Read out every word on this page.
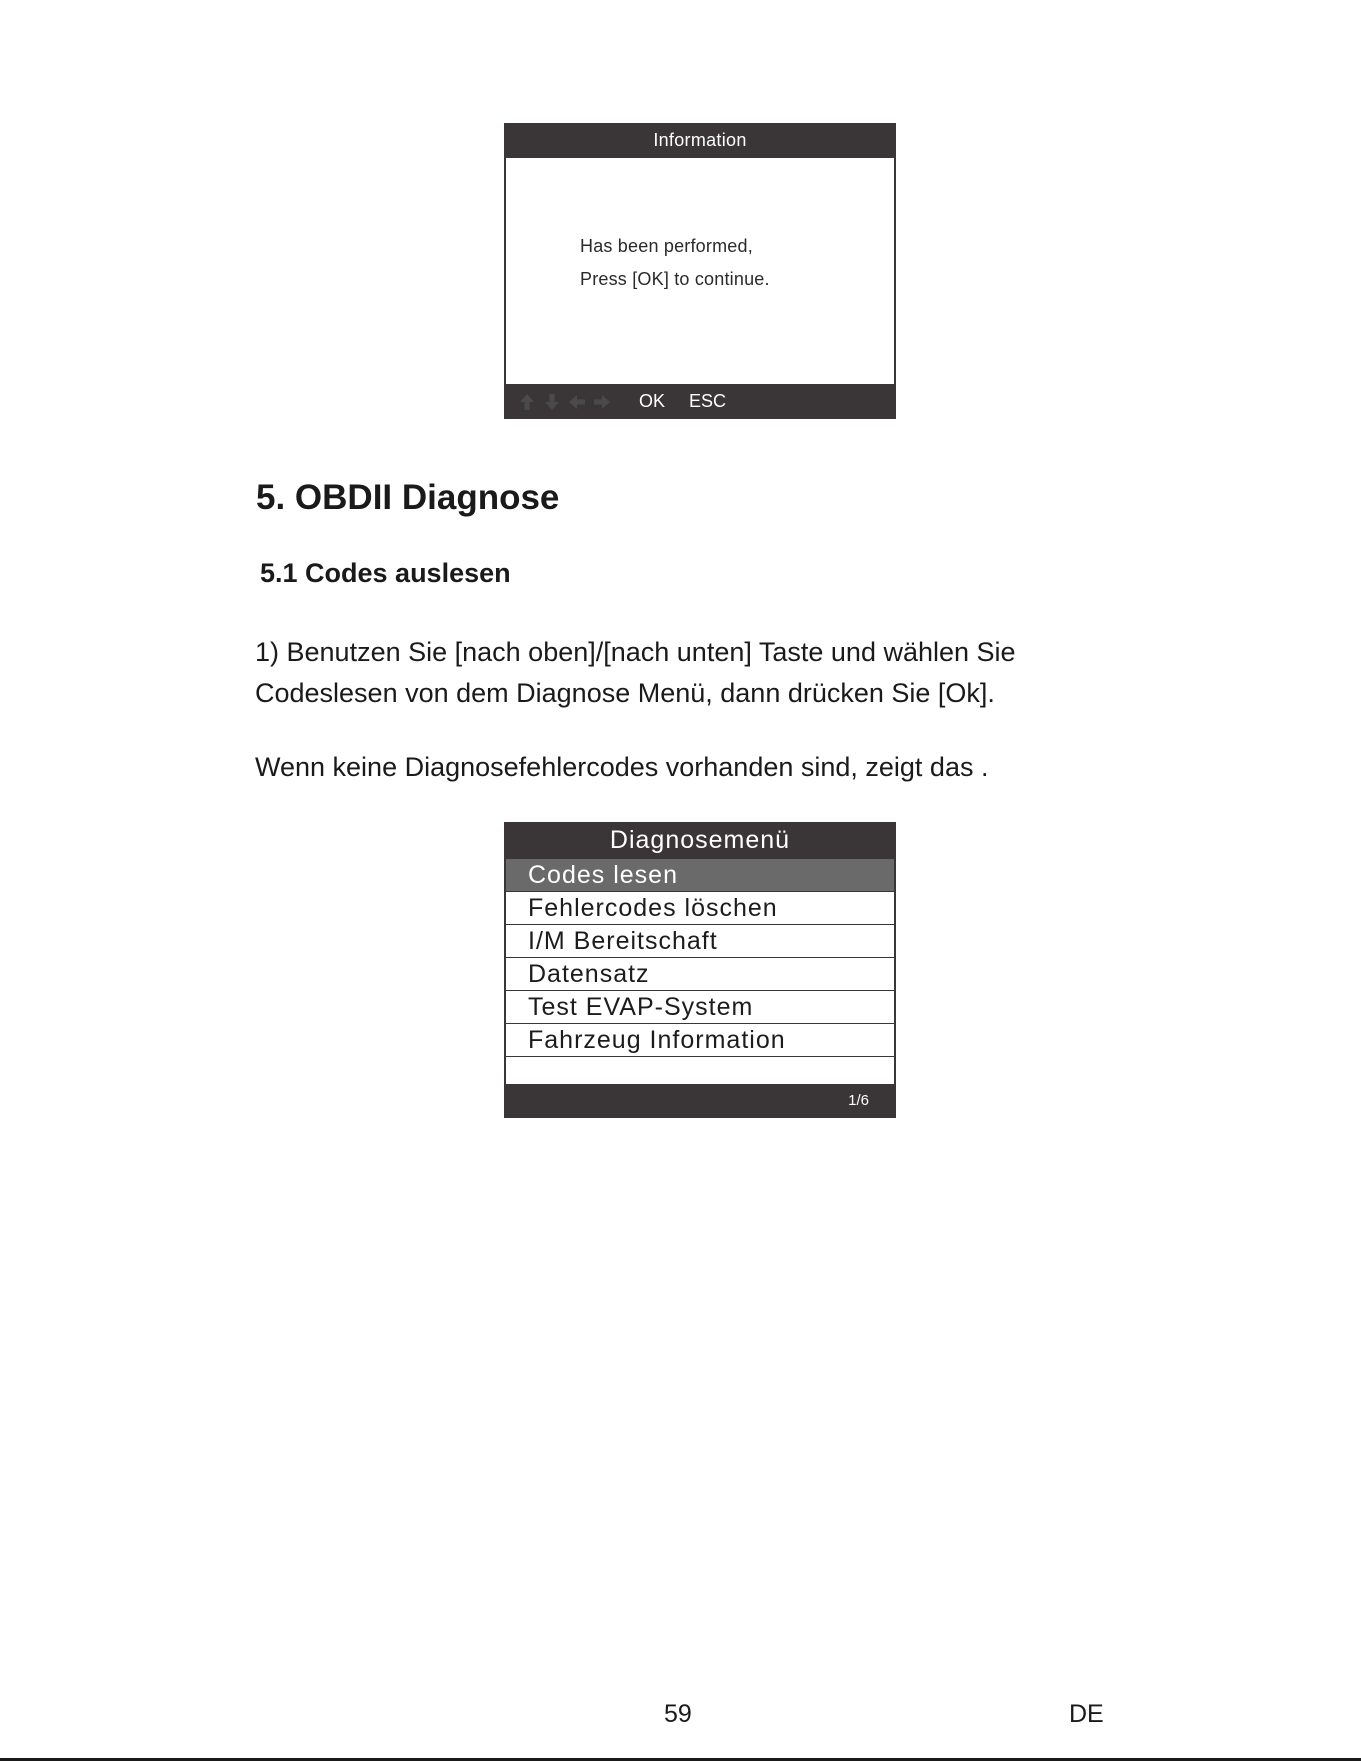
Information
Has been performed,
Press [OK] to continue.
OK ESC
5. OBDII Diagnose
5.1 Codes auslesen
1) Benutzen Sie [nach oben]/[nach unten] Taste und wählen Sie
Codeslesen von dem Diagnose Menü, dann drücken Sie [Ok].
Wenn keine Diagnosefehlercodes vorhanden sind, zeigt das .
Diagnosemenü
Codes lesen
Fehlercodes löschen
I/M Bereitschaft
Datensatz
Test EVAP-System
Fahrzeug Information
1/6
59	DE
